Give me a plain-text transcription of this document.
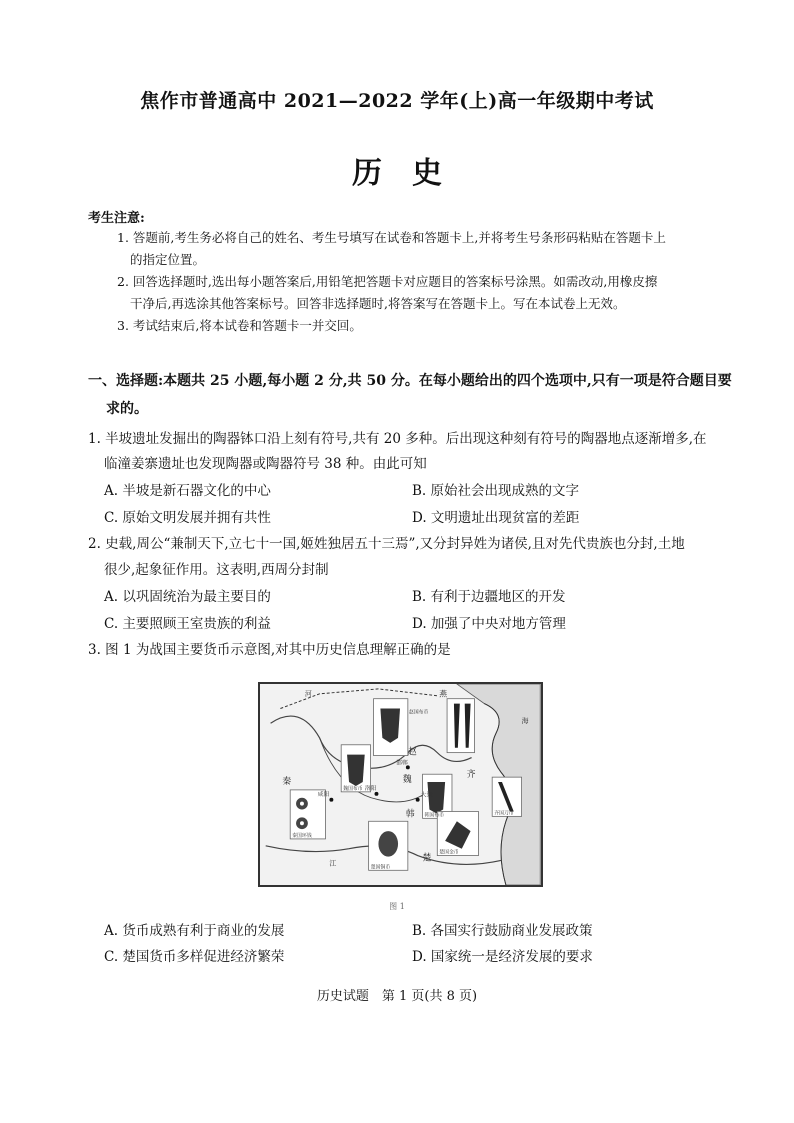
焦作市普通高中 2021—2022 学年(上)高一年级期中考试
历史
考生注意:
1. 答题前,考生务必将自己的姓名、考生号填写在试卷和答题卡上,并将考生号条形码粘贴在答题卡上
的指定位置。
2. 回答选择题时,选出每小题答案后,用铅笔把答题卡对应题目的答案标号涂黑。如需改动,用橡皮擦
干净后,再选涂其他答案标号。回答非选择题时,将答案写在答题卡上。写在本试卷上无效。
3. 考试结束后,将本试卷和答题卡一并交回。
一、选择题:本题共 25 小题,每小题 2 分,共 50 分。在每小题给出的四个选项中,只有一项是符合题目要
求的。
1. 半坡遗址发掘出的陶器钵口沿上刻有符号,共有 20 多种。后出现这种刻有符号的陶器地点逐渐增多,在
临潼姜寨遗址也发现陶器或陶器符号 38 种。由此可知
A. 半坡是新石器文化的中心	B. 原始社会出现成熟的文字
C. 原始文明发展并拥有共性	D. 文明遗址出现贫富的差距
2. 史载,周公“兼制天下,立七十一国,姬姓独居五十三焉”,又分封异姓为诸侯,且对先代贵族也分封,土地
很少,起象征作用。这表明,西周分封制
A. 以巩固统治为最主要目的	B. 有利于边疆地区的开发
C. 主要照顾王室贵族的利益	D. 加强了中央对地方管理
3. 图 1 为战国主要货币示意图,对其中历史信息理解正确的是
燕
秦
赵
魏
韩
齐
楚
河
海
江
咸阳
洛阳
邯郸
大梁
赵国布币
魏国布币
秦国环钱
楚国铜币
韩国布币	齐国刀币
楚国金币
图 1
A. 货币成熟有利于商业的发展	B. 各国实行鼓励商业发展政策
C. 楚国货币多样促进经济繁荣	D. 国家统一是经济发展的要求
历史试题　第 1 页(共 8 页)
